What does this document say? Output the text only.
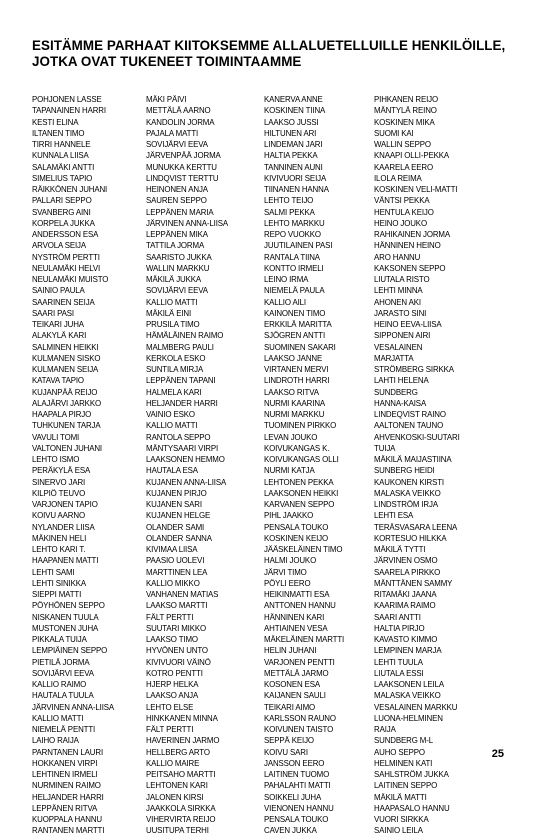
ESITÄMME PARHAAT KIITOKSEMME ALLALUETELLUILLE HENKILÖILLE,
JOTKA OVAT TUKENEET TOIMINTAAMME
POHJONEN LASSE
TAPANAINEN HARRI
KESTI ELINA
ILTANEN TIMO
TIRRI HANNELE
KUNNALA LIISA
SALAMÄKI ANTTI
SIMELIUS TAPIO
RÄIKKÖNEN JUHANI
PALLARI SEPPO
SVANBERG AINI
KORPELA JUKKA
ANDERSSON ESA
ARVOLA SEIJA
NYSTRÖM PERTTI
NEULAMÄKI HELVI
NEULAMÄKI MUISTO
SAINIO PAULA
SAARINEN SEIJA
SAARI PASI
TEIKARI JUHA
ALAKYLÄ KARI
SALMINEN HEIKKI
KULMANEN SISKO
KULMANEN SEIJA
KATAVA TAPIO
KUJANPÄÄ REIJO
ALAJÄRVI JARKKO
HAAPALA PIRJO
TUHKUNEN TARJA
VAVULI TOMI
VALTONEN JUHANI
LEHTO ISMO
PERÄKYLÄ ESA
SINERVO JARI
KILPIÖ TEUVO
VARJONEN TAPIO
KOIVU AARNO
NYLANDER LIISA
MÄKINEN HELI
LEHTO KARI T.
HAAPANEN MATTI
LEHTI SAMI
LEHTI SINIKKA
SIEPPI MATTI
PÖYHÖNEN SEPPO
NISKANEN TUULA
MUSTONEN JUHA
PIKKALA TUIJA
LEMPIÄINEN SEPPO
PIETILÄ JORMA
SOVIJÄRVI EEVA
KALLIO RAIMO
HAUTALA TUULA
JÄRVINEN ANNA-LIISA
KALLIO MATTI
NIEMELÄ PENTTI
LAIHO RAIJA
PARNTANEN LAURI
HOKKANEN VIRPI
LEHTINEN IRMELI
NURMINEN RAIMO
HELJANDER HARRI
LEPPÄNEN RITVA
KUOPPALA HANNU
RANTANEN MARTTI
MÄKI PÄIVI
METTÄLÄ AARNO
KANDOLIN JORMA
PAJALA MATTI
SOVIJÄRVI EEVA
JÄRVENPÄÄ JORMA
MUNUKKA KERTTU
LINDQVIST TERTTU
HEINONEN ANJA
SAUREN SEPPO
LEPPÄNEN MARIA
JÄRVINEN ANNA-LIISA
LEPPÄNEN MIKA
TATTILA JORMA
SAARISTO JUKKA
WALLIN MARKKU
MÄKILÄ JUKKA
SOVIJÄRVI EEVA
KALLIO MATTI
MÄKILÄ EINI
PRUSILA TIMO
HÄMÄLÄINEN RAIMO
MALMBERG PAULI
KERKOLA ESKO
SUNTILA MIRJA
LEPPÄNEN TAPANI
HALMELA KARI
HELJANDER HARRI
VAINIO ESKO
KALLIO MATTI
RANTOLA SEPPO
MÄNTYSAARI VIRPI
LAAKSONEN HEMMO
HAUTALA ESA
KUJANEN ANNA-LIISA
KUJANEN PIRJO
KUJANEN SARI
KUJANEN HELGE
OLANDER SAMI
OLANDER SANNA
KIVIMAA LIISA
PAASIO UOLEVI
MARTTINEN LEA
KALLIO MIKKO
VANHANEN MATIAS
LAAKSO MARTTI
FÄLT PERTTI
SUUTARI MIKKO
LAAKSO TIMO
HYVÖNEN UNTO
KIVIVUORI VÄINÖ
KOTRO PENTTI
HJERP HELKA
LAAKSO ANJA
LEHTO ELSE
HINKKANEN MINNA
FÄLT PERTTI
HAVERINEN JARMO
HELLBERG ARTO
KALLIO MAIRE
PEITSAHO MARTTI
LEHTONEN KARI
JALONEN KIRSI
JAAKKOLA SIRKKA
VIHERVIRTA REIJO
UUSITUPA TERHI
KANERVA ANNE
KOSKINEN TIINA
LAAKSO JUSSI
HILTUNEN ARI
LINDEMAN JARI
HALTIA PEKKA
TANNINEN AUNI
KIVIVUORI SEIJA
TIINANEN HANNA
LEHTO TEIJO
SALMI PEKKA
LEHTO MARKKU
REPO VUOKKO
JUUTILAINEN PASI
RANTALA TIINA
KONTTO IRMELI
LEINO IRMA
NIEMELÄ PAULA
KALLIO AILI
KAINONEN TIMO
ERKKILÄ MARITTA
SJÖGREN ANTTI
SUOMINEN SAKARI
LAAKSO JANNE
VIRTANEN MERVI
LINDROTH HARRI
LAAKSO RITVA
NURMI KAARINA
NURMI MARKKU
TUOMINEN PIRKKO
LEVAN JOUKO
KOIVUKANGAS K.
KOIVUKANGAS OLLI
NURMI KATJA
LEHTONEN PEKKA
LAAKSONEN HEIKKI
KARVANEN SEPPO
PIHL JAAKKO
PENSALA TOUKO
KOSKINEN KEIJO
JÄÄSKELÄINEN TIMO
HALMI JOUKO
JÄRVI TIMO
PÖYLI EERO
HEIKINMATTI ESA
ANTTONEN HANNU
HÄNNINEN KARI
AHTIAINEN VESA
MÄKELÄINEN MARTTI
HELIN JUHANI
VARJONEN PENTTI
METTÄLÄ JARMO
KOSONEN ESA
KAIJANEN SAULI
TEIKARI AIMO
KARLSSON RAUNO
KOIVUNEN TAISTO
SEPPÄ KEIJO
KOIVU SARI
JANSSON EERO
LAITINEN TUOMO
PAHALAHTI MATTI
SOIKKELI JUHA
VIENONEN HANNU
PENSALA TOUKO
CAVEN JUKKA
PIHKANEN REIJO
MÄNTYLÄ REINO
KOSKINEN MIKA
SUOMI KAI
WALLIN SEPPO
KNAAPI OLLI-PEKKA
KAARELA EERO
ILOLA REIMA
KOSKINEN VELI-MATTI
VÄNTSI PEKKA
HENTULA KEIJO
HEINO JOUKO
RAHIKAINEN JORMA
HÄNNINEN HEINO
ARO HANNU
KAKSONEN SEPPO
LIUTALA RISTO
LEHTI MINNA
AHONEN AKI
JARASTO SINI
HEINO EEVA-LIISA
SIPPONEN AIRI
VESALAINEN
MARJATTA
STRÖMBERG SIRKKA
LAHTI HELENA
SUNDBERG
HANNA-KAISA
LINDEQVIST RAINO
AALTONEN TAUNO
AHVENKOSKI-SUUTARI
TUIJA
MÄKILÄ MAIJASTIINA
SUNBERG HEIDI
KAUKONEN KIRSTI
MALASKA VEIKKO
LINDSTRÖM IRJA
LEHTI ESA
TERÄSVASARA LEENA
KORTESUO HILKKA
MÄKILÄ TYTTI
JÄRVINEN OSMO
SAARELA PIRKKO
MÄNTTÄNEN SAMMY
RITAMÄKI JAANA
KAARIMA RAIMO
SAARI ANTTI
HALTIA PIRJO
KAVASTO KIMMO
LEMPINEN MARJA
LEHTI TUULA
LIUTALA ESSI
LAAKSONEN LEILA
MALASKA VEIKKO
VESALAINEN MARKKU
LUONA-HELMINEN
RAIJA
SUNDBERG M-L
AUHO SEPPO
HELMINEN KATI
SAHLSTRÖM JUKKA
LAITINEN SEPPO
MÄKILÄ MATTI
HAAPASALO HANNU
VUORI SIRKKA
SAINIO LEILA
25
